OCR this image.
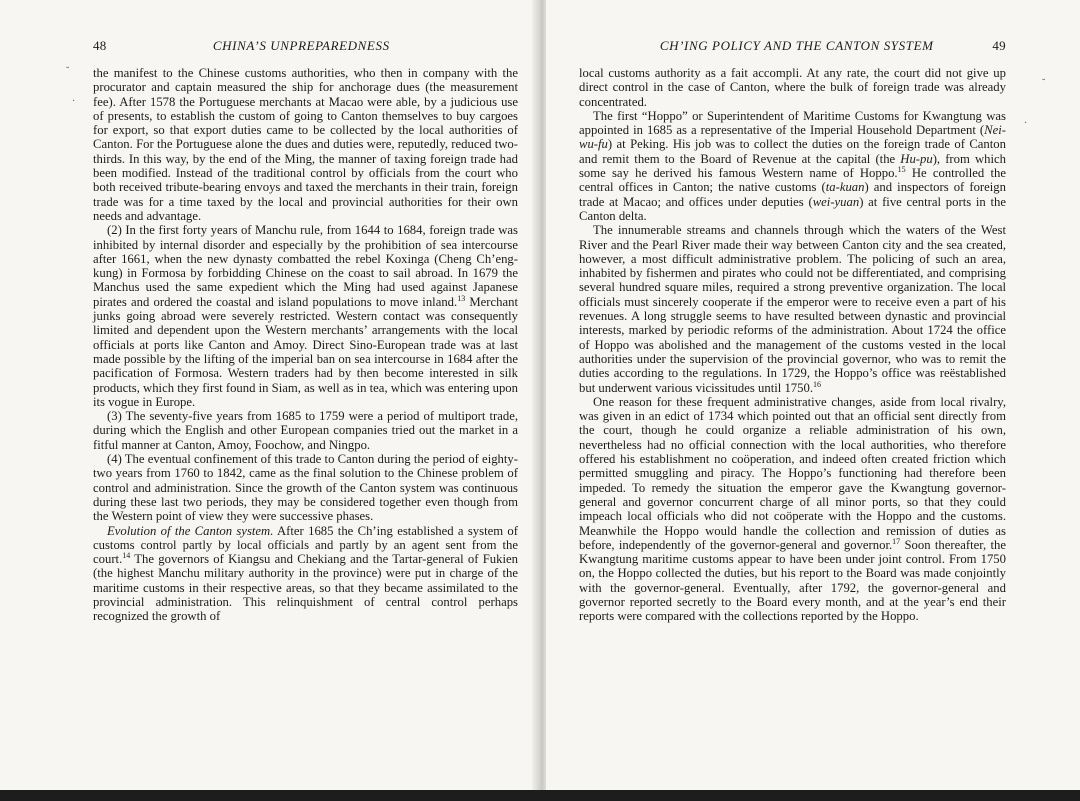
48	CHINA’S UNPREPAREDNESS

the manifest to the Chinese customs authorities, who then in company with the procurator and captain measured the ship for anchorage dues (the measurement fee). After 1578 the Portuguese merchants at Macao were able, by a judicious use of presents, to establish the custom of going to Canton themselves to buy cargoes for export, so that export duties came to be collected by the local authorities of Canton. For the Portuguese alone the dues and duties were, reputedly, reduced two-thirds. In this way, by the end of the Ming, the manner of taxing foreign trade had been modified. Instead of the traditional control by officials from the court who both received tribute-bearing envoys and taxed the merchants in their train, foreign trade was for a time taxed by the local and provincial authorities for their own needs and advantage.

(2) In the first forty years of Manchu rule, from 1644 to 1684, foreign trade was inhibited by internal disorder and especially by the prohibition of sea intercourse after 1661, when the new dynasty combatted the rebel Koxinga (Cheng Ch’eng-kung) in Formosa by forbidding Chinese on the coast to sail abroad. In 1679 the Manchus used the same expedient which the Ming had used against Japanese pirates and ordered the coastal and island populations to move inland.$^{13}$ Merchant junks going abroad were severely restricted. Western contact was consequently limited and dependent upon the Western merchants’ arrangements with the local officials at ports like Canton and Amoy. Direct Sino-European trade was at last made possible by the lifting of the imperial ban on sea intercourse in 1684 after the pacification of Formosa. Western traders had by then become interested in silk products, which they first found in Siam, as well as in tea, which was entering upon its vogue in Europe.

(3) The seventy-five years from 1685 to 1759 were a period of multiport trade, during which the English and other European companies tried out the market in a fitful manner at Canton, Amoy, Foochow, and Ningpo.

(4) The eventual confinement of this trade to Canton during the period of eighty-two years from 1760 to 1842, came as the final solution to the Chinese problem of control and administration. Since the growth of the Canton system was continuous during these last two periods, they may be considered together even though from the Western point of view they were successive phases.

Evolution of the Canton system. After 1685 the Ch’ing established a system of customs control partly by local officials and partly by an agent sent from the court.$^{14}$ The governors of Kiangsu and Chekiang and the Tartar-general of Fukien (the highest Manchu military authority in the province) were put in charge of the maritime customs in their respective areas, so that they became assimilated to the provincial administration. This relinquishment of central control perhaps recognized the growth of

CH’ING POLICY AND THE CANTON SYSTEM	49

local customs authority as a fait accompli. At any rate, the court did not give up direct control in the case of Canton, where the bulk of foreign trade was already concentrated.

The first “Hoppo” or Superintendent of Maritime Customs for Kwangtung was appointed in 1685 as a representative of the Imperial Household Department (Nei-wu-fu) at Peking. His job was to collect the duties on the foreign trade of Canton and remit them to the Board of Revenue at the capital (the Hu-pu), from which some say he derived his famous Western name of Hoppo.$^{15}$ He controlled the central offices in Canton; the native customs (ta-kuan) and inspectors of foreign trade at Macao; and offices under deputies (wei-yuan) at five central ports in the Canton delta.

The innumerable streams and channels through which the waters of the West River and the Pearl River made their way between Canton city and the sea created, however, a most difficult administrative problem. The policing of such an area, inhabited by fishermen and pirates who could not be differentiated, and comprising several hundred square miles, required a strong preventive organization. The local officials must sincerely cooperate if the emperor were to receive even a part of his revenues. A long struggle seems to have resulted between dynastic and provincial interests, marked by periodic reforms of the administration. About 1724 the office of Hoppo was abolished and the management of the customs vested in the local authorities under the supervision of the provincial governor, who was to remit the duties according to the regulations. In 1729, the Hoppo’s office was reëstablished but underwent various vicissitudes until 1750.16

One reason for these frequent administrative changes, aside from local rivalry, was given in an edict of 1734 which pointed out that an official sent directly from the court, though he could organize a reliable administration of his own, nevertheless had no official connection with the local authorities, who therefore offered his establishment no coöperation, and indeed often created friction which permitted smuggling and piracy. The Hoppo’s functioning had therefore been impeded. To remedy the situation the emperor gave the Kwangtung governor-general and governor concurrent charge of all minor ports, so that they could impeach local officials who did not coöperate with the Hoppo and the customs. Meanwhile the Hoppo would handle the collection and remission of duties as before, independently of the governor-general and governor.$^{17}$ Soon thereafter, the Kwangtung maritime customs appear to have been under joint control. From 1750 on, the Hoppo collected the duties, but his report to the Board was made conjointly with the governor-general. Eventually, after 1792, the governor-general and governor reported secretly to the Board every month, and at the year’s end their reports were compared with the collections reported by the Hoppo.

˘
·
˘
·
